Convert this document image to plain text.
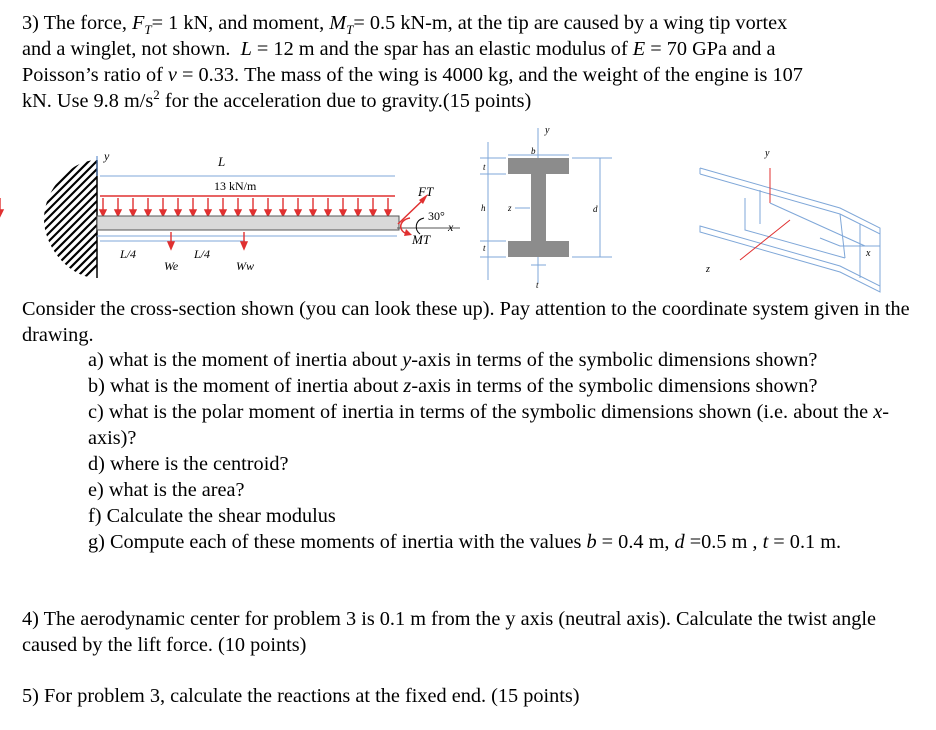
3) The force, $F_T= 1$ kN, and moment, $M_T= 0.5$ kN-m, at the tip are caused by a wing tip vortex
and a winglet, not shown.  L = 12 m and the spar has an elastic modulus of E = 70 GPa and a
Poisson’s ratio of ν = 0.33. The mass of the wing is 4000 kg, and the weight of the engine is 107
kN. Use 9.8 $m/s^2$ for the acceleration due to gravity.(15 points)
y	L
13 kN/m	FT
30°
x
MT
L/4	L/4
We	Ww
y
b
t
h
t
z	d
t
y
x
z
Consider the cross-section shown (you can look these up). Pay attention to the coordinate system given in the drawing.
a) what is the moment of inertia about y-axis in terms of the symbolic dimensions shown?
b) what is the moment of inertia about z-axis in terms of the symbolic dimensions shown?
c) what is the polar moment of inertia in terms of the symbolic dimensions shown (i.e. about the x-axis)?
d) where is the centroid?
e) what is the area?
f) Calculate the shear modulus
g) Compute each of these moments of inertia with the values b = 0.4 m, d =0.5 m , t = 0.1 m.
4) The aerodynamic center for problem 3 is 0.1 m from the y axis (neutral axis). Calculate the twist angle caused by the lift force. (10 points)
5) For problem 3, calculate the reactions at the fixed end. (15 points)
